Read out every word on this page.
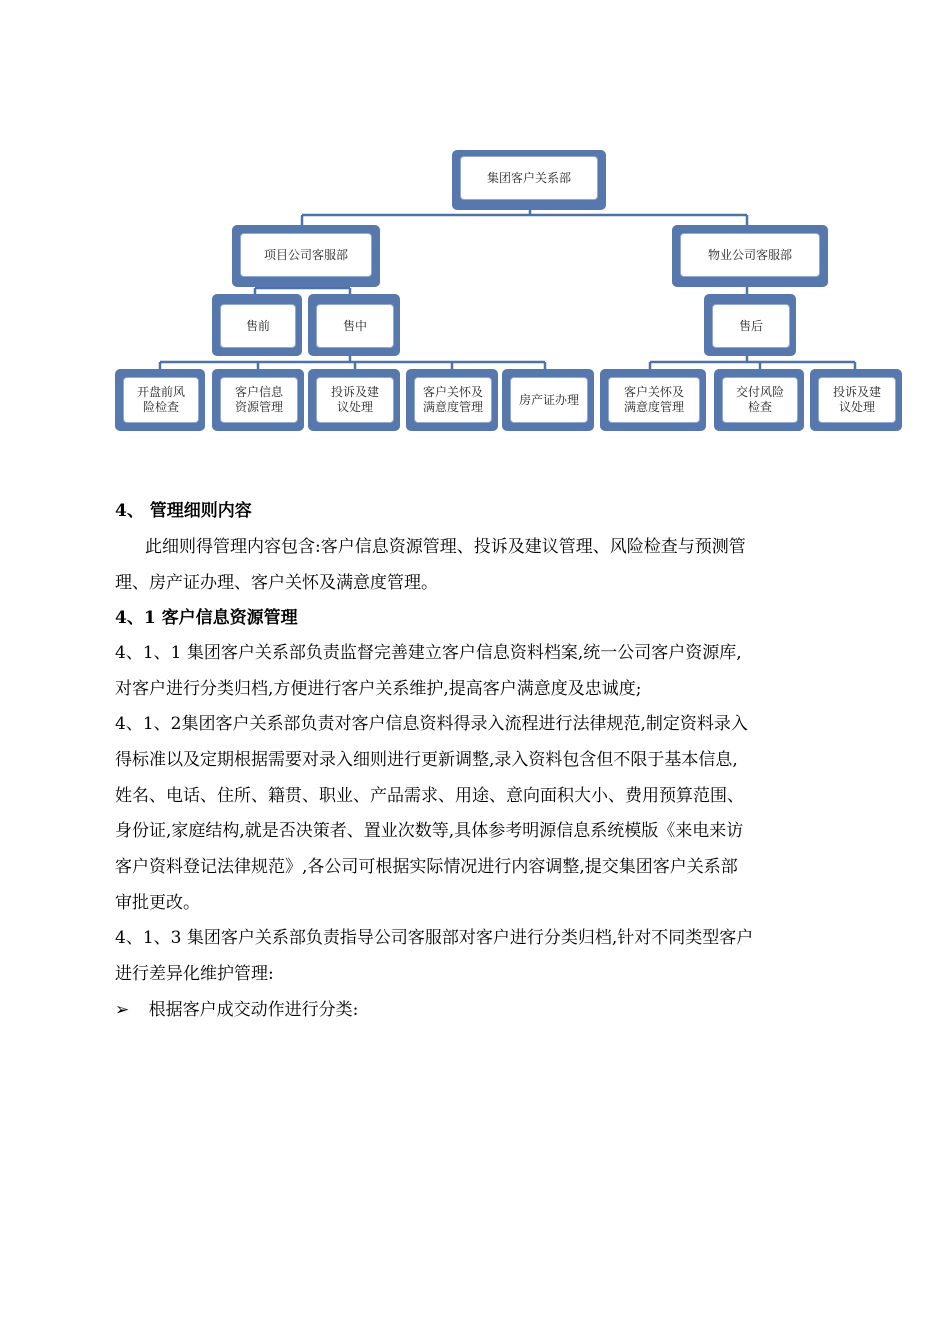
集团客户关系部
项目公司客服部	物业公司客服部
售前	售中	售后
开盘前风险检查
客户信息资源管理
投诉及建议处理
客户关怀及满意度管理
房产证办理
客户关怀及满意度管理
交付风险检查
投诉及建议处理
4、 管理细则内容
此细则得管理内容包含:客户信息资源管理、投诉及建议管理、风险检查与预测管
理、房产证办理、客户关怀及满意度管理。
4、1 客户信息资源管理
4、1、1 集团客户关系部负责监督完善建立客户信息资料档案,统一公司客户资源库,
对客户进行分类归档,方便进行客户关系维护,提高客户满意度及忠诚度;
4、1、2集团客户关系部负责对客户信息资料得录入流程进行法律规范,制定资料录入
得标准以及定期根据需要对录入细则进行更新调整,录入资料包含但不限于基本信息,
姓名、电话、住所、籍贯、职业、产品需求、用途、意向面积大小、费用预算范围、
身份证,家庭结构,就是否决策者、置业次数等,具体参考明源信息系统模版《来电来访
客户资料登记法律规范》,各公司可根据实际情况进行内容调整,提交集团客户关系部
审批更改。
4、1、3 集团客户关系部负责指导公司客服部对客户进行分类归档,针对不同类型客户
进行差异化维护管理:
➢ 根据客户成交动作进行分类:
